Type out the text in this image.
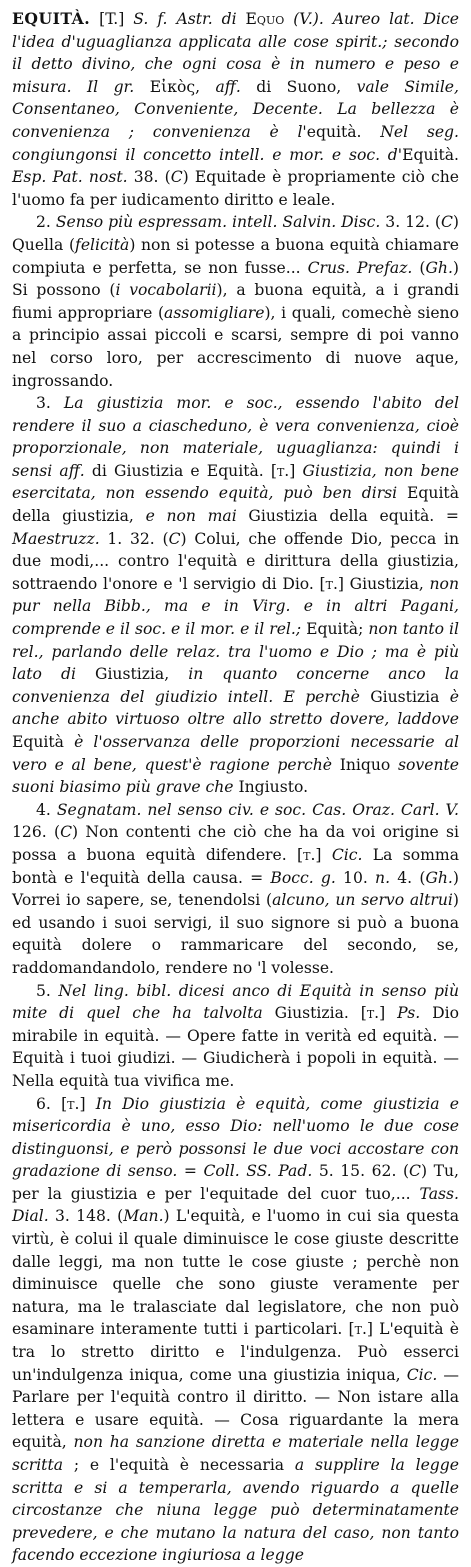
EQUITÀ. [T.] S. f. Astr. di Equo (V.). Aureo lat. Dice l'idea d'uguaglianza applicata alle cose spirit.; secondo il detto divino, che ogni cosa è in numero e peso e misura. Il gr. Εἰκὸς, aff. di Suono, vale Simile, Consentaneo, Conveniente, Decente. La bellezza è convenienza ; convenienza è l'equità. Nel seg. congiungonsi il concetto intell. e mor. e soc. d'Equità. Esp. Pat. nost. 38. (C) Equitade è propriamente ciò che l'uomo fa per iudicamento diritto e leale.

2. Senso più espressam. intell. Salvin. Disc. 3. 12. (C) Quella (felicità) non si potesse a buona equità chiamare compiuta e perfetta, se non fusse... Crus. Prefaz. (Gh.) Si possono (i vocabolarii), a buona equità, a i grandi fiumi appropriare (assomigliare), i quali, comechè sieno a principio assai piccoli e scarsi, sempre di poi vanno nel corso loro, per accrescimento di nuove aque, ingrossando.

3. La giustizia mor. e soc., essendo l'abito del rendere il suo a ciascheduno, è vera convenienza, cioè proporzionale, non materiale, uguaglianza: quindi i sensi aff. di Giustizia e Equità. [t.] Giustizia, non bene esercitata, non essendo equità, può ben dirsi Equità della giustizia, e non mai Giustizia della equità. = Maestruzz. 1. 32. (C) Colui, che offende Dio, pecca in due modi,... contro l'equità e dirittura della giustizia, sottraendo l'onore e 'l servigio di Dio. [t.] Giustizia, non pur nella Bibb., ma e in Virg. e in altri Pagani, comprende e il soc. e il mor. e il rel.; Equità; non tanto il rel., parlando delle relaz. tra l'uomo e Dio ; ma è più lato di Giustizia, in quanto concerne anco la convenienza del giudizio intell. E perchè Giustizia è anche abito virtuoso oltre allo stretto dovere, laddove Equità è l'osservanza delle proporzioni necessarie al vero e al bene, quest'è ragione perchè Iniquo sovente suoni biasimo più grave che Ingiusto.

4. Segnatam. nel senso civ. e soc. Cas. Oraz. Carl. V. 126. (C) Non contenti che ciò che ha da voi origine si possa a buona equità difendere. [t.] Cic. La somma bontà e l'equità della causa. = Bocc. g. 10. n. 4. (Gh.) Vorrei io sapere, se, tenendolsi (alcuno, un servo altrui) ed usando i suoi servigi, il suo signore si può a buona equità dolere o rammaricare del secondo, se, raddomandandolo, rendere no 'l volesse.

5. Nel ling. bibl. dicesi anco di Equità in senso più mite di quel che ha talvolta Giustizia. [t.] Ps. Dio mirabile in equità. — Opere fatte in verità ed equità. — Equità i tuoi giudizi. — Giudicherà i popoli in equità. — Nella equità tua vivifica me.

6. [t.] In Dio giustizia è equità, come giustizia e misericordia è uno, esso Dio: nell'uomo le due cose distinguonsi, e però possonsi le due voci accostare con gradazione di senso. = Coll. SS. Pad. 5. 15. 62. (C) Tu, per la giustizia e per l'equitade del cuor tuo,... Tass. Dial. 3. 148. (Man.) L'equità, e l'uomo in cui sia questa virtù, è colui il quale diminuisce le cose giuste descritte dalle leggi, ma non tutte le cose giuste ; perchè non diminuisce quelle che sono giuste veramente per natura, ma le tralasciate dal legislatore, che non può esaminare interamente tutti i particolari. [t.] L'equità è tra lo stretto diritto e l'indulgenza. Può esserci un'indulgenza iniqua, come una giustizia iniqua, Cic. — Parlare per l'equità contro il diritto. — Non istare alla lettera e usare equità. — Cosa riguardante la mera equità, non ha sanzione diretta e materiale nella legge scritta ; e l'equità è necessaria a supplire la legge scritta e si a temperarla, avendo riguardo a quelle circostanze che niuna legge può determinatamente prevedere, e che mutano la natura del caso, non tanto facendo eccezione ingiuriosa a legge
